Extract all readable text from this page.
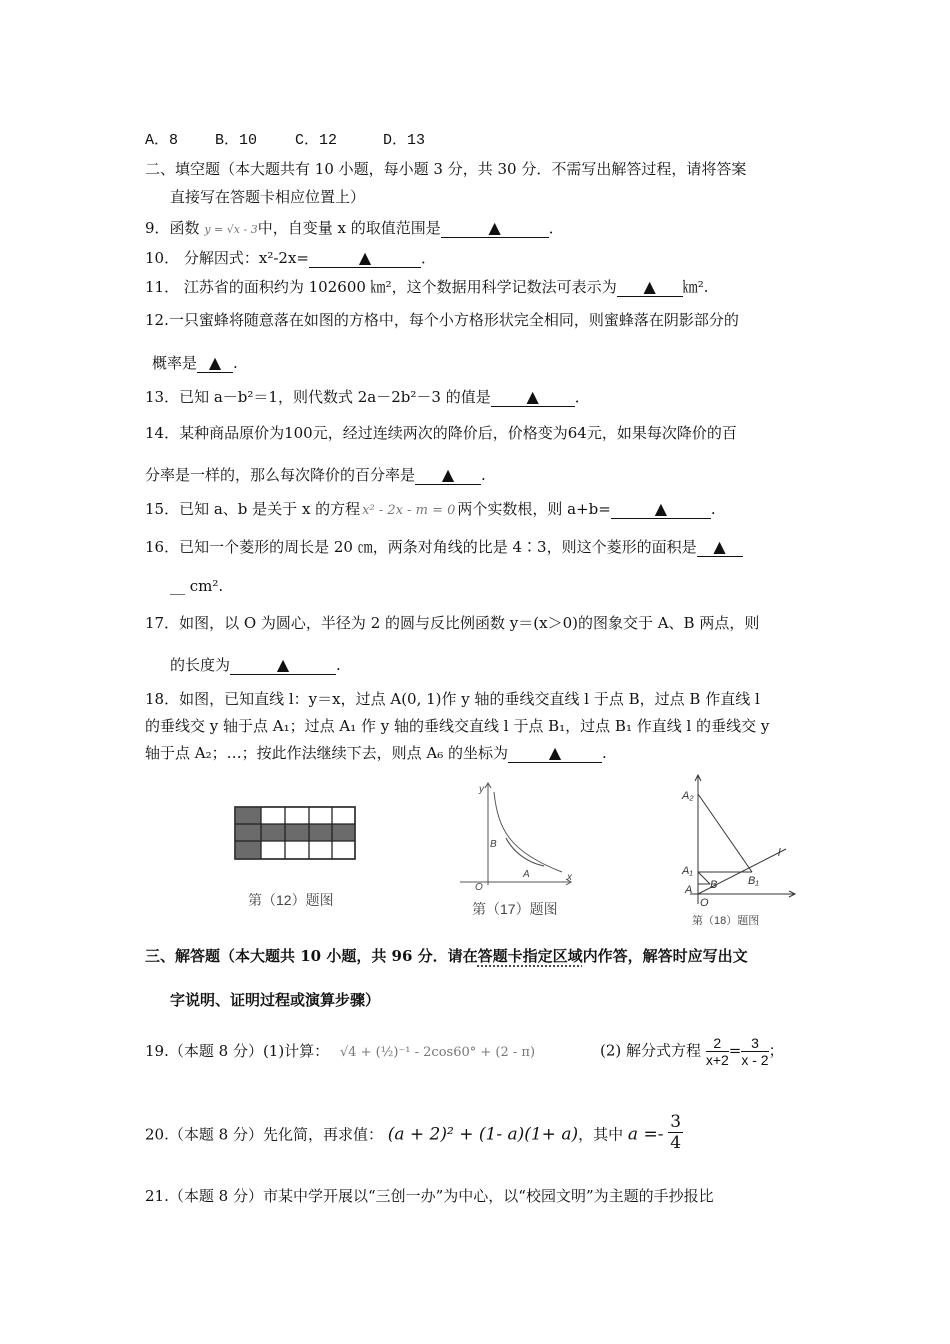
A．8 B．10	C．12	D．13
二、填空题（本大题共有 10 小题，每小题 3 分，共 30 分．不需写出解答过程，请将答案
直接写在答题卡相应位置上）
9．函数 y = √x - 3中，自变量 x 的取值范围是	▲	．
10． 分解因式：x²-2x=	▲	．
11． 江苏省的面积约为 102600 ㎞²，这个数据用科学记数法可表示为 ▲ ㎞².
12.一只蜜蜂将随意落在如图的方格中，每个小方格形状完全相同，则蜜蜂落在阴影部分的
概率是 ▲ .
13．已知 a－b²＝1，则代数式 2a－2b²－3 的值是 ▲ ．
14．某种商品原价为100元，经过连续两次的降价后，价格变为64元，如果每次降价的百
分率是一样的，那么每次降价的百分率是 ▲ .
15．已知 a、b 是关于 x 的方程 x² - 2x - m = 0 两个实数根，则 a+b=	▲	.
16．已知一个菱形的周长是 20 ㎝，两条对角线的比是 4∶3，则这个菱形的面积是 ▲
__ cm².
17．如图，以 O 为圆心，半径为 2 的圆与反比例函数 y＝(x＞0)的图象交于 A、B 两点，则
的长度为	▲	.
18．如图，已知直线 l：y＝x，过点 A(0, 1)作 y 轴的垂线交直线 l 于点 B，过点 B 作直线 l
的垂线交 y 轴于点 A₁；过点 A₁ 作 y 轴的垂线交直线 l 于点 B₁，过点 B₁ 作直线 l 的垂线交 y
轴于点 A₂；…；按此作法继续下去，则点 A₆ 的坐标为	▲	.
第（12）题图
y
x
O
B
A
第（17）题图
A₂
A₁
A B	B₁
O
l
第（18）题图
三、解答题（本大题共 10 小题，共 96 分．请在答题卡指定区域内作答，解答时应写出文
字说明、证明过程或演算步骤）
19.（本题 8 分）(1)计算： √4 + (½)⁻¹ - 2cos60° + (2 - π)	(2) 解分式方程 $\frac{2}{x+2} = \frac{3}{x - 2}$ ；
20.（本题 8 分）先化简，再求值： (a + 2)² + (1- a)(1+ a)，其中 $a =- \frac{3}{4}$
21.（本题 8 分）市某中学开展以“三创一办”为中心，以“校园文明”为主题的手抄报比
